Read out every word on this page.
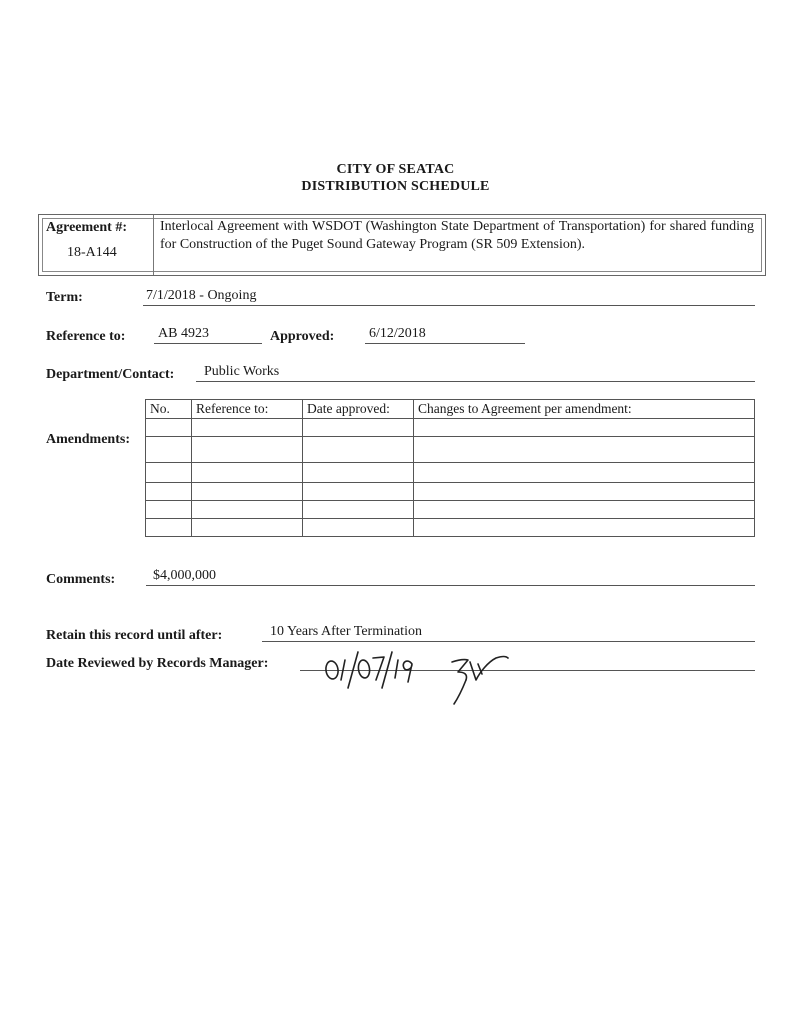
CITY OF SEATAC
DISTRIBUTION SCHEDULE
Agreement #:
18-A144
Interlocal Agreement with WSDOT (Washington State Department of Transportation) for shared funding for Construction of the Puget Sound Gateway Program (SR 509 Extension).
Term:	7/1/2018 - Ongoing
Reference to: AB 4923	Approved: 6/12/2018
Department/Contact: Public Works
Amendments:
No.	Reference to:	Date approved:	Changes to Agreement per amendment:

Comments:	$4,000,000
Retain this record until after:	10 Years After Termination
Date Reviewed by Records Manager:
